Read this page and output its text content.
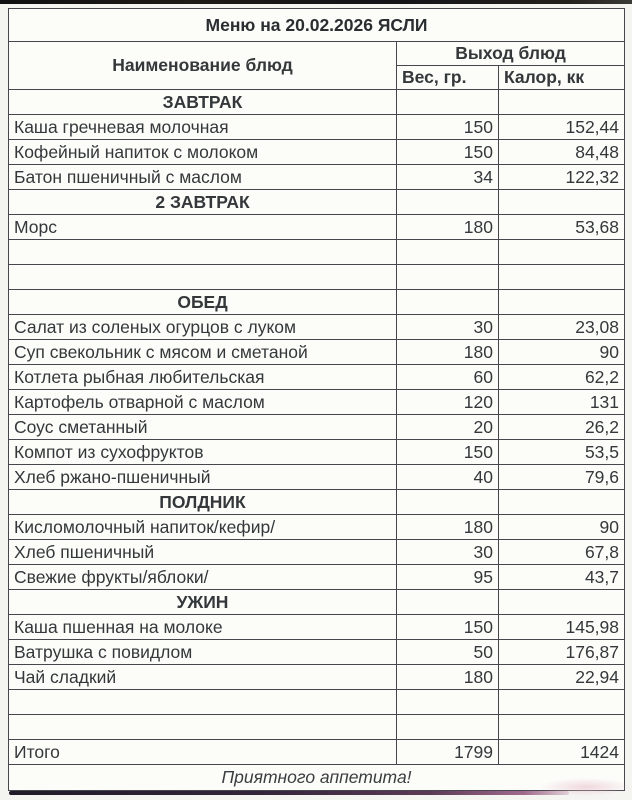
Меню на 20.02.2026 ЯСЛИ		
Наименование блюд	Выход блюд	
	Вес, гр.	Калор, кк
ЗАВТРАК		
Каша гречневая молочная	150	152,44
Кофейный напиток с молоком	150	84,48
Батон пшеничный с маслом	34	122,32
2 ЗАВТРАК		
Морс	180	53,68

ОБЕД		
Салат из соленых огурцов с луком	30	23,08
Суп свекольник с мясом и сметаной	180	90
Котлета рыбная любительская	60	62,2
Картофель отварной с маслом	120	131
Соус сметанный	20	26,2
Компот из сухофруктов	150	53,5
Хлеб ржано-пшеничный	40	79,6
ПОЛДНИК		
Кисломолочный напиток/кефир/	180	90
Хлеб пшеничный	30	67,8
Свежие фрукты/яблоки/	95	43,7
УЖИН		
Каша пшенная на молоке	150	145,98
Ватрушка с повидлом	50	176,87
Чай сладкий	180	22,94

Итого	1799	1424
Приятного аппетита!		
